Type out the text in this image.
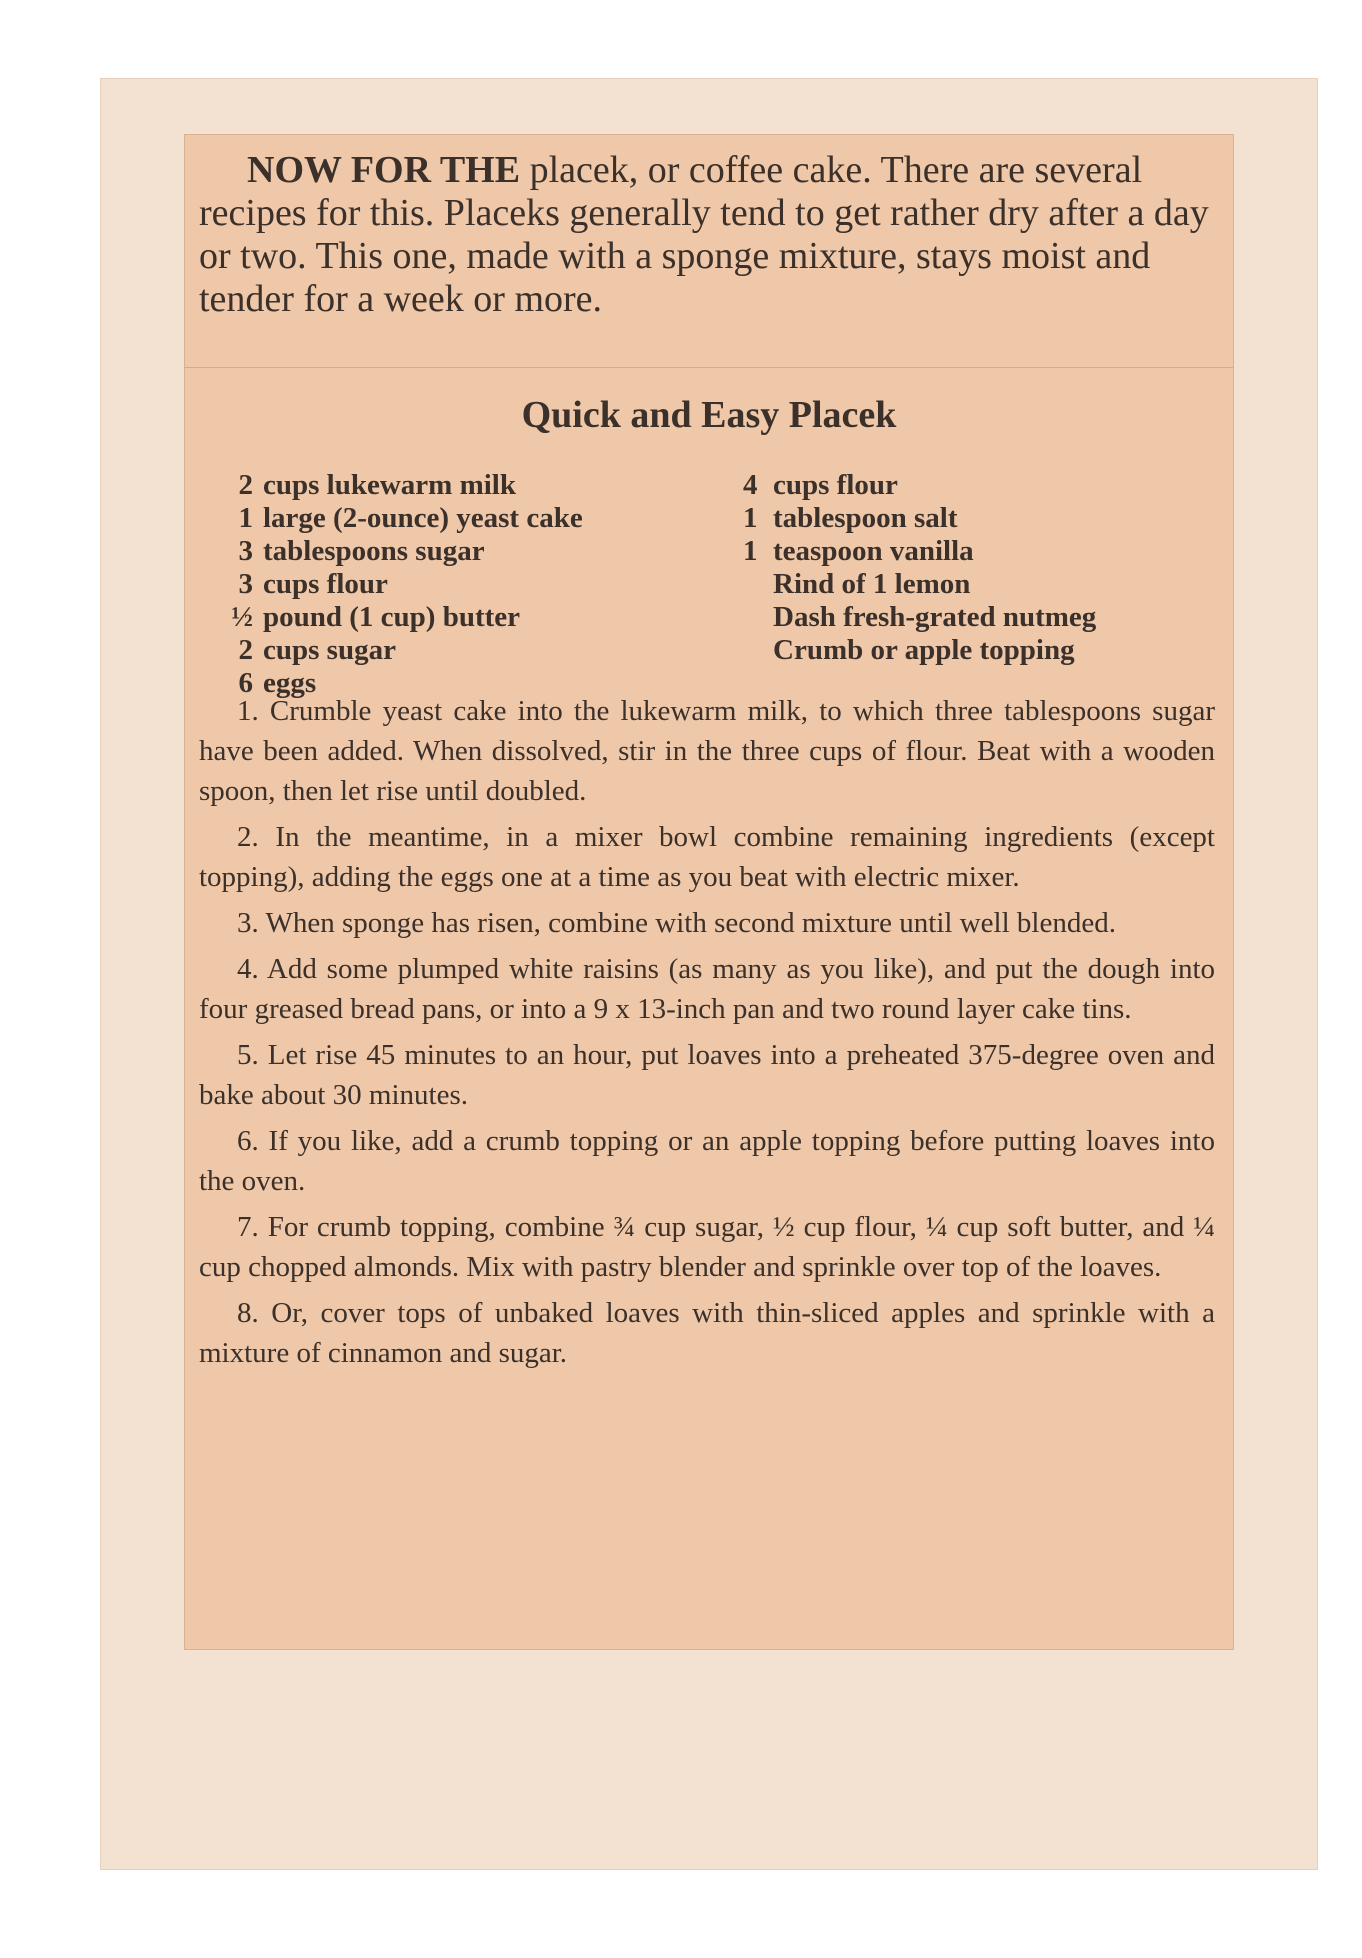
NOW FOR THE placek, or coffee cake. There are several recipes for this. Placeks generally tend to get rather dry after a day or two. This one, made with a sponge mixture, stays moist and tender for a week or more.
Quick and Easy Placek
2 cups lukewarm milk
1 large (2-ounce) yeast cake
3 tablespoons sugar
3 cups flour
½ pound (1 cup) butter
2 cups sugar
6 eggs
4 cups flour
1 tablespoon salt
1 teaspoon vanilla
Rind of 1 lemon
Dash fresh-grated nutmeg
Crumb or apple topping

1. Crumble yeast cake into the lukewarm milk, to which three tablespoons sugar have been added. When dissolved, stir in the three cups of flour. Beat with a wooden spoon, then let rise until doubled.

2. In the meantime, in a mixer bowl combine remaining ingredients (except topping), adding the eggs one at a time as you beat with electric mixer.

3. When sponge has risen, combine with second mixture until well blended.

4. Add some plumped white raisins (as many as you like), and put the dough into four greased bread pans, or into a 9 x 13-inch pan and two round layer cake tins.

5. Let rise 45 minutes to an hour, put loaves into a preheated 375-degree oven and bake about 30 minutes.

6. If you like, add a crumb topping or an apple topping before putting loaves into the oven.

7. For crumb topping, combine ¾ cup sugar, ½ cup flour, ¼ cup soft butter, and ¼ cup chopped almonds. Mix with pastry blender and sprinkle over top of the loaves.

8. Or, cover tops of unbaked loaves with thin-sliced apples and sprinkle with a mixture of cinnamon and sugar.
